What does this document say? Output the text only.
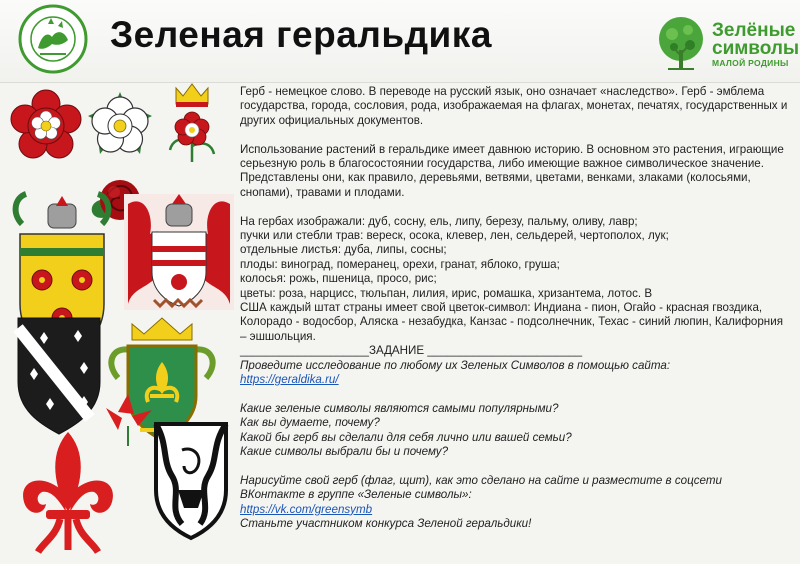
Зеленая геральдика	Зелёные
символы
МАЛОЙ РОДИНЫ

Герб - немецкое слово. В переводе на русский язык, оно означает «наследство». Герб - эмблема государства, города, сословия, рода, изображаемая на флагах, монетах, печатях, государственных и других официальных документов.

Использование растений в геральдике имеет давнюю историю. В основном это растения, играющие серьезную роль в благосостоянии государства, либо имеющие важное символическое значение. Представлены они, как правило, деревьями, ветвями, цветами, венками, злаками (колосьями, снопами), травами и плодами.

На гербах изображали: дуб, сосну, ель, липу, березу, пальму, оливу, лавр;
пучки или стебли трав: вереск, осока, клевер, лен, сельдерей, чертополох, лук;
отдельные листья: дуба, липы, сосны;
плоды: виноград, померанец, орехи, гранат, яблоко, груша;
колосья: рожь, пшеница, просо, рис;
цветы: роза, нарцисс, тюльпан, лилия, ирис, ромашка, хризантема, лотос. В
США каждый штат страны имеет свой цветок-символ: Индиана - пион, Огайо - красная гвоздика, Колорадо - водосбор, Аляска - незабудка, Канзас - подсолнечник, Техас - синий люпин, Калифорния – эшшольция.
____________________ЗАДАНИЕ ________________________
Проведите исследование по любому их Зеленых Символов в помощью сайта:
https://geraldika.ru/

Какие зеленые символы являются самыми популярными?
Как вы думаете, почему?
Какой бы герб вы сделали для себя лично или вашей семьи?
Какие символы выбрали бы и почему?

Нарисуйте свой герб (флаг, щит), как это сделано на сайте и разместите в соцсети
ВКонтакте в группе «Зеленые символы»:
https://vk.com/greensymb
Станьте участником конкурса Зеленой геральдики!
